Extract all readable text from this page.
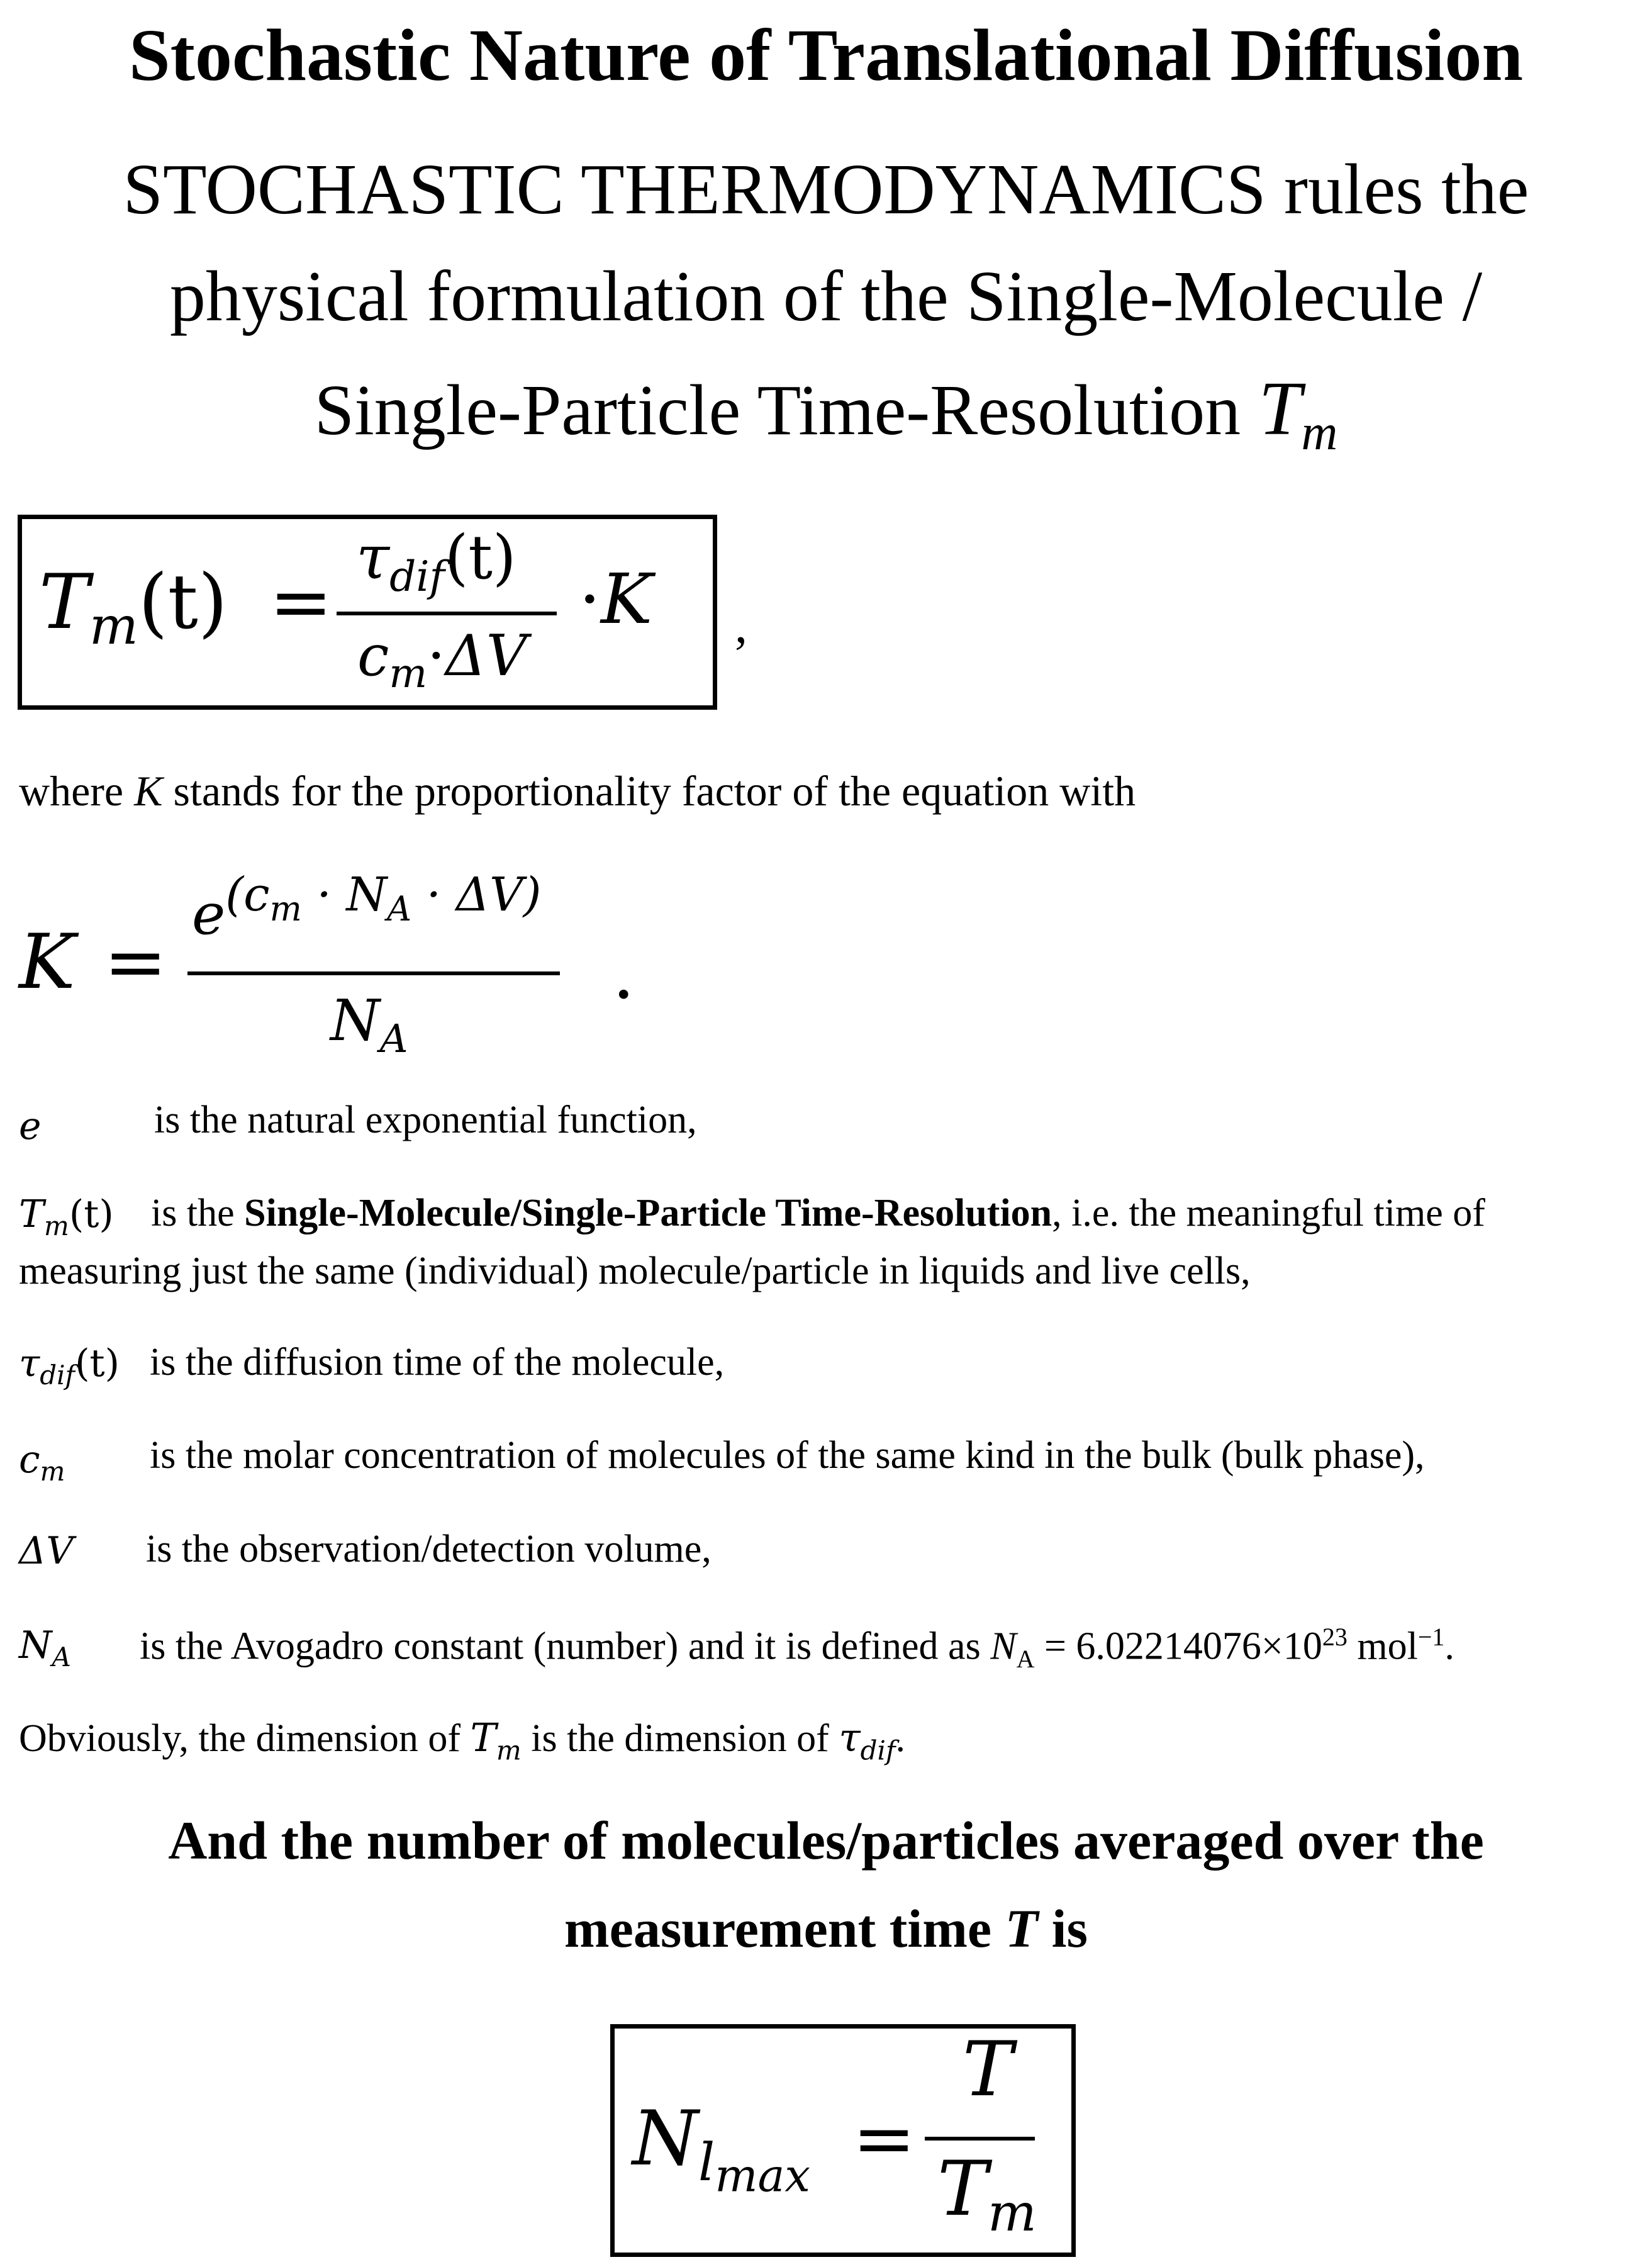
Stochastic Nature of Translational Diffusion
STOCHASTIC THERMODYNAMICS rules the
physical formulation of the Single-Molecule /
Single-Particle Time-Resolution $T_m$
$T_m(t)$ =
$\tau_{dif}(t)$
$c_m\cdot\Delta V$
·K ,
where K stands for the proportionality factor of the equation with
K =
$e^{(c_m \cdot N_A \cdot \Delta V)}$
$N_A$
.
e	is the natural exponential function,
$T_m(t)$ is the Single-Molecule/Single-Particle Time-Resolution, i.e. the meaningful time of
measuring just the same (individual) molecule/particle in liquids and live cells,
$\tau_{dif}(t)$ is the diffusion time of the molecule,
$c_m$ is the molar concentration of molecules of the same kind in the bulk (bulk phase),
ΔV is the observation/detection volume,
$N_A$ is the Avogadro constant (number) and it is defined as $N_A = 6.02214076\times 10^{23}$ mol$^{-1}$.
Obviously, the dimension of $T_m$ is the dimension of $\tau_{dif}$.
And the number of molecules/particles averaged over the
measurement time T is
$N_{l_{max}}$ =
T
$T_m$
